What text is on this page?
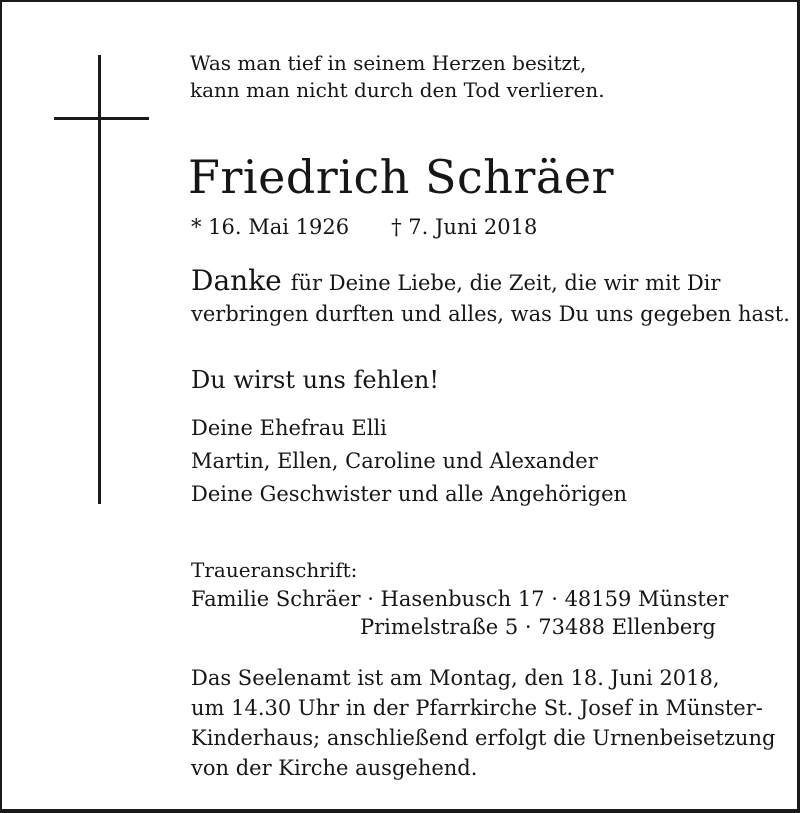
Was man tief in seinem Herzen besitzt,
kann man nicht durch den Tod verlieren.
Friedrich Schräer
* 16. Mai 1926 † 7. Juni 2018
Danke für Deine Liebe, die Zeit, die wir mit Dir
verbringen durften und alles, was Du uns gegeben hast.
Du wirst uns fehlen!
Deine Ehefrau Elli
Martin, Ellen, Caroline und Alexander
Deine Geschwister und alle Angehörigen
Traueranschrift:
Familie Schräer · Hasenbusch 17 · 48159 Münster
Primelstraße 5 · 73488 Ellenberg
Das Seelenamt ist am Montag, den 18. Juni 2018,
um 14.30 Uhr in der Pfarrkirche St. Josef in Münster-
Kinderhaus; anschließend erfolgt die Urnenbeisetzung
von der Kirche ausgehend.
